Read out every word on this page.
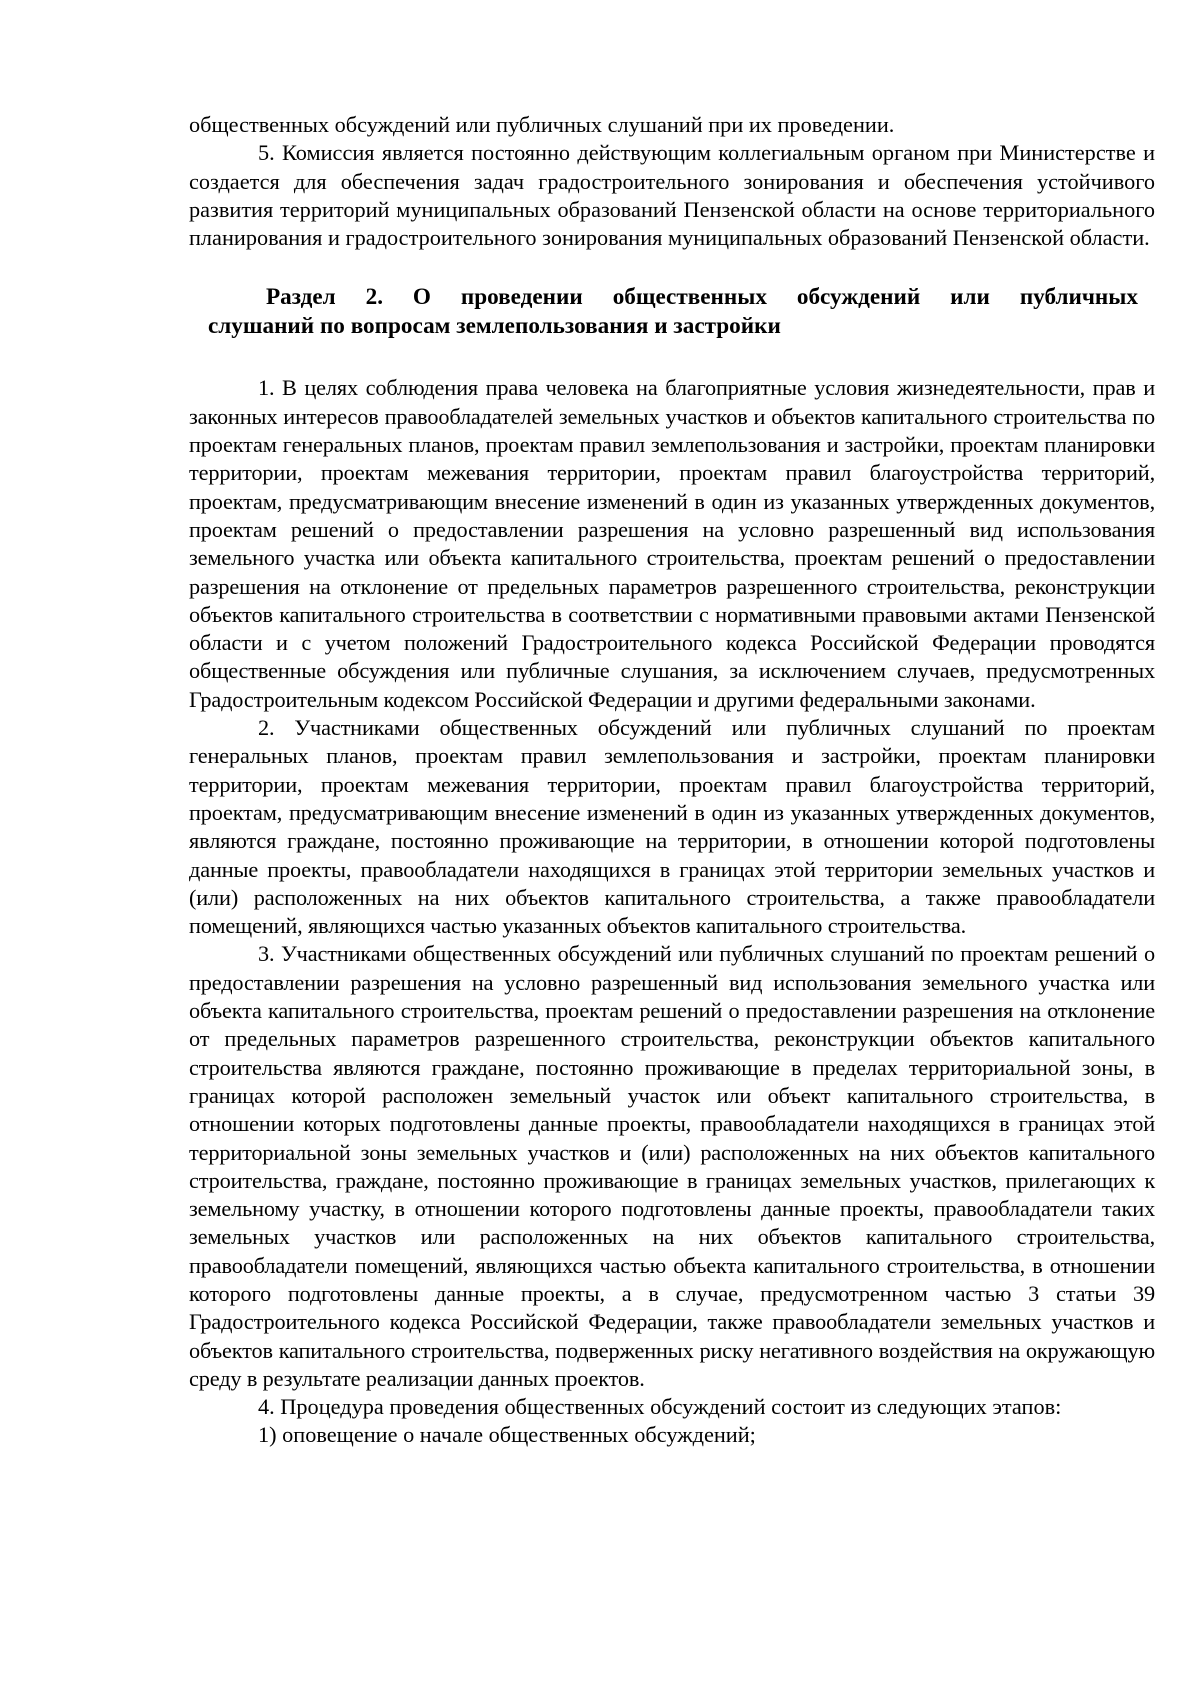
общественных обсуждений или публичных слушаний при их проведении.

5. Комиссия является постоянно действующим коллегиальным органом при Министерстве и создается для обеспечения задач градостроительного зонирования и обеспечения устойчивого развития территорий муниципальных образований Пензенской области на основе территориального планирования и градостроительного зонирования муниципальных образований Пензенской области.

Раздел 2. О проведении общественных обсуждений или публичных
слушаний по вопросам землепользования и застройки

1. В целях соблюдения права человека на благоприятные условия жизнедеятельности, прав и законных интересов правообладателей земельных участков и объектов капитального строительства по проектам генеральных планов, проектам правил землепользования и застройки, проектам планировки территории, проектам межевания территории, проектам правил благоустройства территорий, проектам, предусматривающим внесение изменений в один из указанных утвержденных документов, проектам решений о предоставлении разрешения на условно разрешенный вид использования земельного участка или объекта капитального строительства, проектам решений о предоставлении разрешения на отклонение от предельных параметров разрешенного строительства, реконструкции объектов капитального строительства в соответствии с нормативными правовыми актами Пензенской области и с учетом положений Градостроительного кодекса Российской Федерации проводятся общественные обсуждения или публичные слушания, за исключением случаев, предусмотренных Градостроительным кодексом Российской Федерации и другими федеральными законами.

2. Участниками общественных обсуждений или публичных слушаний по проектам генеральных планов, проектам правил землепользования и застройки, проектам планировки территории, проектам межевания территории, проектам правил благоустройства территорий, проектам, предусматривающим внесение изменений в один из указанных утвержденных документов, являются граждане, постоянно проживающие на территории, в отношении которой подготовлены данные проекты, правообладатели находящихся в границах этой территории земельных участков и (или) расположенных на них объектов капитального строительства, а также правообладатели помещений, являющихся частью указанных объектов капитального строительства.

3. Участниками общественных обсуждений или публичных слушаний по проектам решений о предоставлении разрешения на условно разрешенный вид использования земельного участка или объекта капитального строительства, проектам решений о предоставлении разрешения на отклонение от предельных параметров разрешенного строительства, реконструкции объектов капитального строительства являются граждане, постоянно проживающие в пределах территориальной зоны, в границах которой расположен земельный участок или объект капитального строительства, в отношении которых подготовлены данные проекты, правообладатели находящихся в границах этой территориальной зоны земельных участков и (или) расположенных на них объектов капитального строительства, граждане, постоянно проживающие в границах земельных участков, прилегающих к земельному участку, в отношении которого подготовлены данные проекты, правообладатели таких земельных участков или расположенных на них объектов капитального строительства, правообладатели помещений, являющихся частью объекта капитального строительства, в отношении которого подготовлены данные проекты, а в случае, предусмотренном частью 3 статьи 39 Градостроительного кодекса Российской Федерации, также правообладатели земельных участков и объектов капитального строительства, подверженных риску негативного воздействия на окружающую среду в результате реализации данных проектов.

4. Процедура проведения общественных обсуждений состоит из следующих этапов:

1) оповещение о начале общественных обсуждений;
